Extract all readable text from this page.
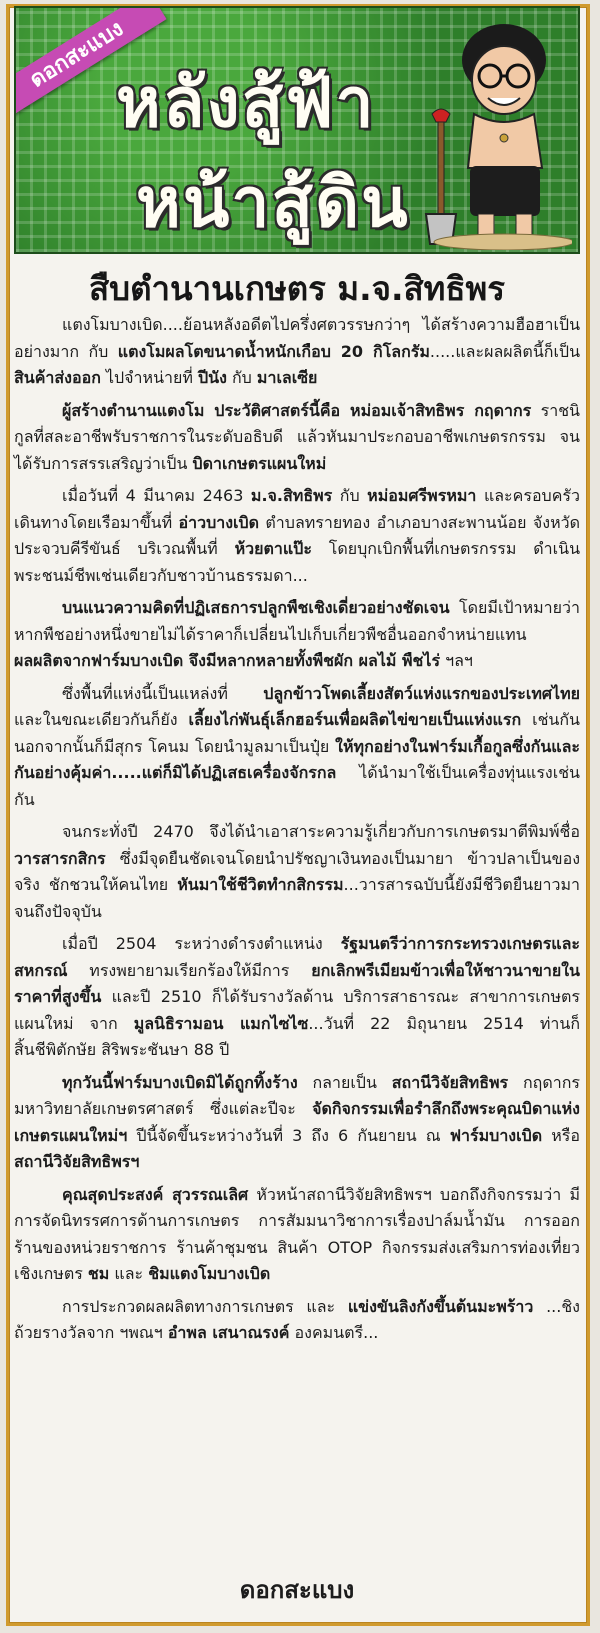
ดอกสะแบง
หลังสู้ฟ้า
หน้าสู้ดิน
สืบตำนานเกษตร ม.จ.สิทธิพร

แตงโมบางเบิด....ย้อนหลังอดีตไปครึ่งศตวรรษกว่าๆ ได้สร้างความฮือฮาเป็นอย่างมาก กับ แตงโมผลโตขนาดน้ำหนักเกือบ 20 กิโลกรัม.....และผลผลิตนี้ก็เป็น สินค้าส่งออก ไปจำหน่ายที่ ปีนัง กับ มาเลเซีย

ผู้สร้างตำนานแตงโม ประวัติศาสตร์นี้คือ หม่อมเจ้าสิทธิพร กฤดากร ราชนิกูลที่สละอาชีพรับราชการในระดับอธิบดี แล้วหันมาประกอบอาชีพเกษตรกรรม จนได้รับการสรรเสริญว่าเป็น บิดาเกษตรแผนใหม่

เมื่อวันที่ 4 มีนาคม 2463 ม.จ.สิทธิพร กับ หม่อมศรีพรหมา และครอบครัว เดินทางโดยเรือมาขึ้นที่ อ่าวบางเบิด ตำบลทรายทอง อำเภอบางสะพานน้อย จังหวัดประจวบคีรีขันธ์ บริเวณพื้นที่ ห้วยตาแป๊ะ โดยบุกเบิกพื้นที่เกษตรกรรม ดำเนินพระชนม์ชีพเช่นเดียวกับชาวบ้านธรรมดา...

บนแนวความคิดที่ปฏิเสธการปลูกพืชเชิงเดี่ยวอย่างชัดเจน โดยมีเป้าหมายว่า หากพืชอย่างหนึ่งขายไม่ได้ราคาก็เปลี่ยนไปเก็บเกี่ยวพืชอื่นออกจำหน่ายแทน ผลผลิตจากฟาร์มบางเบิด จึงมีหลากหลายทั้งพืชผัก ผลไม้ พืชไร่ ฯลฯ

ซึ่งพื้นที่แห่งนี้เป็นแหล่งที่ ปลูกข้าวโพดเลี้ยงสัตว์แห่งแรกของประเทศไทย และในขณะเดียวกันก็ยัง เลี้ยงไก่พันธุ์เล็กฮอร์นเพื่อผลิตไข่ขายเป็นแห่งแรก เช่นกัน นอกจากนั้นก็มีสุกร โคนม โดยนำมูลมาเป็นปุ๋ย ให้ทุกอย่างในฟาร์มเกื้อกูลซึ่งกันและกันอย่างคุ้มค่า.....แต่ก็มิได้ปฏิเสธเครื่องจักรกล ได้นำมาใช้เป็นเครื่องทุ่นแรงเช่นกัน

จนกระทั่งปี 2470 จึงได้นำเอาสาระความรู้เกี่ยวกับการเกษตรมาตีพิมพ์ชื่อ วารสารกสิกร ซึ่งมีจุดยืนชัดเจนโดยนำปรัชญาเงินทองเป็นมายา ข้าวปลาเป็นของจริง ชักชวนให้คนไทย หันมาใช้ชีวิตทำกสิกรรม...วารสารฉบับนี้ยังมีชีวิตยืนยาวมาจนถึงปัจจุบัน

เมื่อปี 2504 ระหว่างดำรงตำแหน่ง รัฐมนตรีว่าการกระทรวงเกษตรและสหกรณ์ ทรงพยายามเรียกร้องให้มีการ ยกเลิกพรีเมียมข้าวเพื่อให้ชาวนาขายในราคาที่สูงขึ้น และปี 2510 ก็ได้รับรางวัลด้าน บริการสาธารณะ สาขาการเกษตรแผนใหม่ จาก มูลนิธิรามอน แมกไซไซ...วันที่ 22 มิถุนายน 2514 ท่านก็สิ้นชีพิตักษัย สิริพระชันษา 88 ปี

ทุกวันนี้ฟาร์มบางเบิดมิได้ถูกทิ้งร้าง กลายเป็น สถานีวิจัยสิทธิพร กฤดากร มหาวิทยาลัยเกษตรศาสตร์ ซึ่งแต่ละปีจะ จัดกิจกรรมเพื่อรำลึกถึงพระคุณบิดาแห่งเกษตรแผนใหม่ฯ ปีนี้จัดขึ้นระหว่างวันที่ 3 ถึง 6 กันยายน ณ ฟาร์มบางเบิด หรือ สถานีวิจัยสิทธิพรฯ

คุณสุดประสงค์ สุวรรณเลิศ หัวหน้าสถานีวิจัยสิทธิพรฯ บอกถึงกิจกรรมว่า มีการจัดนิทรรศการด้านการเกษตร การสัมมนาวิชาการเรื่องปาล์มน้ำมัน การออกร้านของหน่วยราชการ ร้านค้าชุมชน สินค้า OTOP กิจกรรมส่งเสริมการท่องเที่ยวเชิงเกษตร ชม และ ชิมแตงโมบางเบิด

การประกวดผลผลิตทางการเกษตร และ แข่งขันลิงกังขึ้นต้นมะพร้าว ...ชิงถ้วยรางวัลจาก ฯพณฯ อำพล เสนาณรงค์ องคมนตรี...

ดอกสะแบง
